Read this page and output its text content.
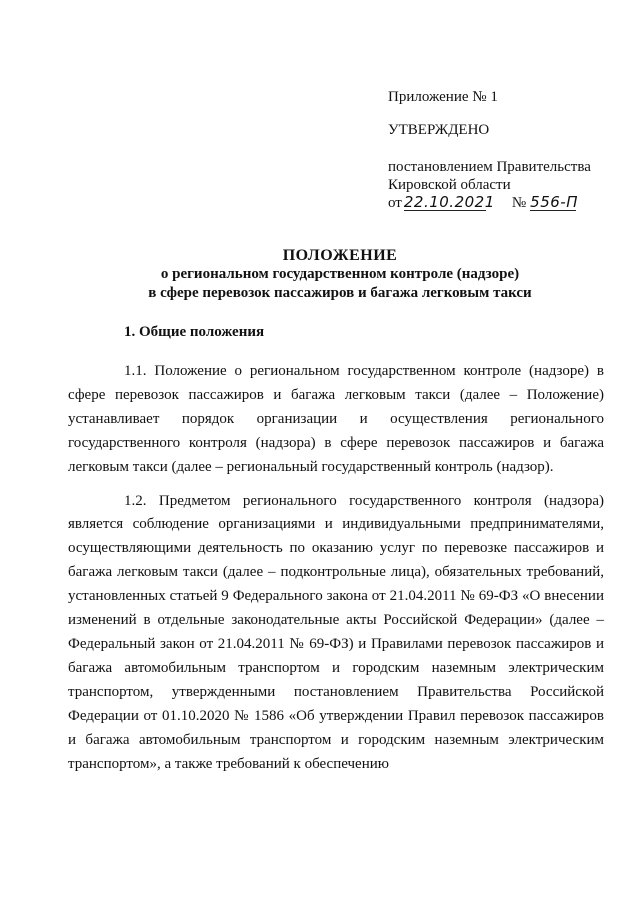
Приложение № 1
УТВЕРЖДЕНО
постановлением Правительства
Кировской области
от 22.10.2021 № 556-П
ПОЛОЖЕНИЕ
о региональном государственном контроле (надзоре)
в сфере перевозок пассажиров и багажа легковым такси
1. Общие положения

1.1. Положение о региональном государственном контроле (надзоре) в сфере перевозок пассажиров и багажа легковым такси (далее – Положение) устанавливает порядок организации и осуществления регионального государственного контроля (надзора) в сфере перевозок пассажиров и багажа легковым такси (далее – региональный государственный контроль (надзор).

1.2. Предметом регионального государственного контроля (надзора) является соблюдение организациями и индивидуальными предпринимателями, осуществляющими деятельность по оказанию услуг по перевозке пассажиров и багажа легковым такси (далее – подконтрольные лица), обязательных требований, установленных статьей 9 Федерального закона от 21.04.2011 № 69-ФЗ «О внесении изменений в отдельные законодательные акты Российской Федерации» (далее – Федеральный закон от 21.04.2011 № 69-ФЗ) и Правилами перевозок пассажиров и багажа автомобильным транспортом и городским наземным электрическим транспортом, утвержденными постановлением Правительства Российской Федерации от 01.10.2020 № 1586 «Об утверждении Правил перевозок пассажиров и багажа автомобильным транспортом и городским наземным электрическим транспортом», а также требований к обеспечению
